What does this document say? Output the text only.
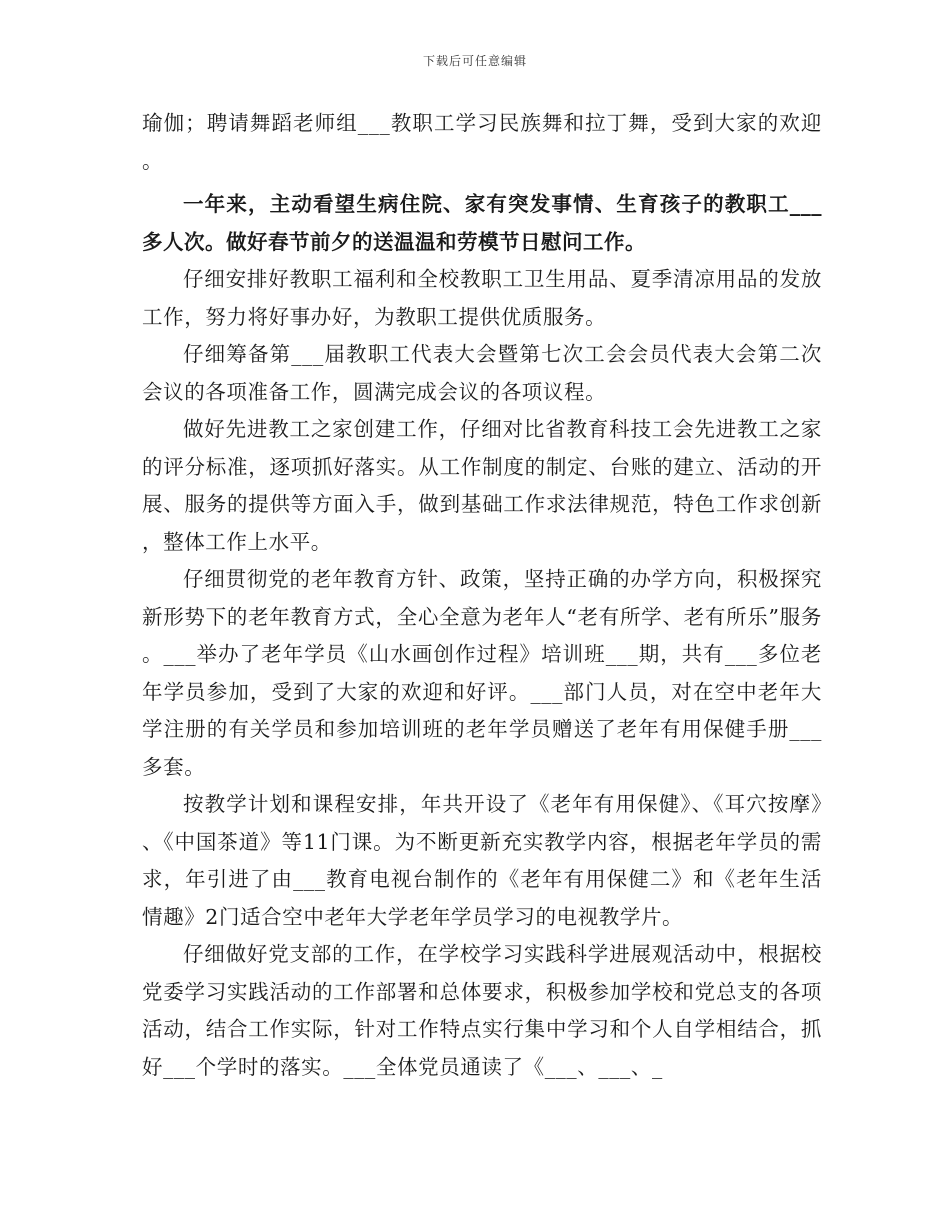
下载后可任意编辑

瑜伽；聘请舞蹈老师组___教职工学习民族舞和拉丁舞，受到大家的欢迎。

一年来，主动看望生病住院、家有突发事情、生育孩子的教职工___多人次。做好春节前夕的送温温和劳模节日慰问工作。

仔细安排好教职工福利和全校教职工卫生用品、夏季清凉用品的发放工作，努力将好事办好，为教职工提供优质服务。

仔细筹备第___届教职工代表大会暨第七次工会会员代表大会第二次会议的各项准备工作，圆满完成会议的各项议程。

做好先进教工之家创建工作，仔细对比省教育科技工会先进教工之家的评分标准，逐项抓好落实。从工作制度的制定、台账的建立、活动的开展、服务的提供等方面入手，做到基础工作求法律规范，特色工作求创新，整体工作上水平。

仔细贯彻党的老年教育方针、政策，坚持正确的办学方向，积极探究新形势下的老年教育方式，全心全意为老年人“老有所学、老有所乐”服务。___举办了老年学员《山水画创作过程》培训班___期，共有___多位老年学员参加，受到了大家的欢迎和好评。___部门人员，对在空中老年大学注册的有关学员和参加培训班的老年学员赠送了老年有用保健手册___多套。

按教学计划和课程安排，年共开设了《老年有用保健》、《耳穴按摩》、《中国茶道》等11门课。为不断更新充实教学内容，根据老年学员的需求，年引进了由___教育电视台制作的《老年有用保健二》和《老年生活情趣》2门适合空中老年大学老年学员学习的电视教学片。

仔细做好党支部的工作，在学校学习实践科学进展观活动中，根据校党委学习实践活动的工作部署和总体要求，积极参加学校和党总支的各项活动，结合工作实际，针对工作特点实行集中学习和个人自学相结合，抓好___个学时的落实。___全体党员通读了《___、___、_
